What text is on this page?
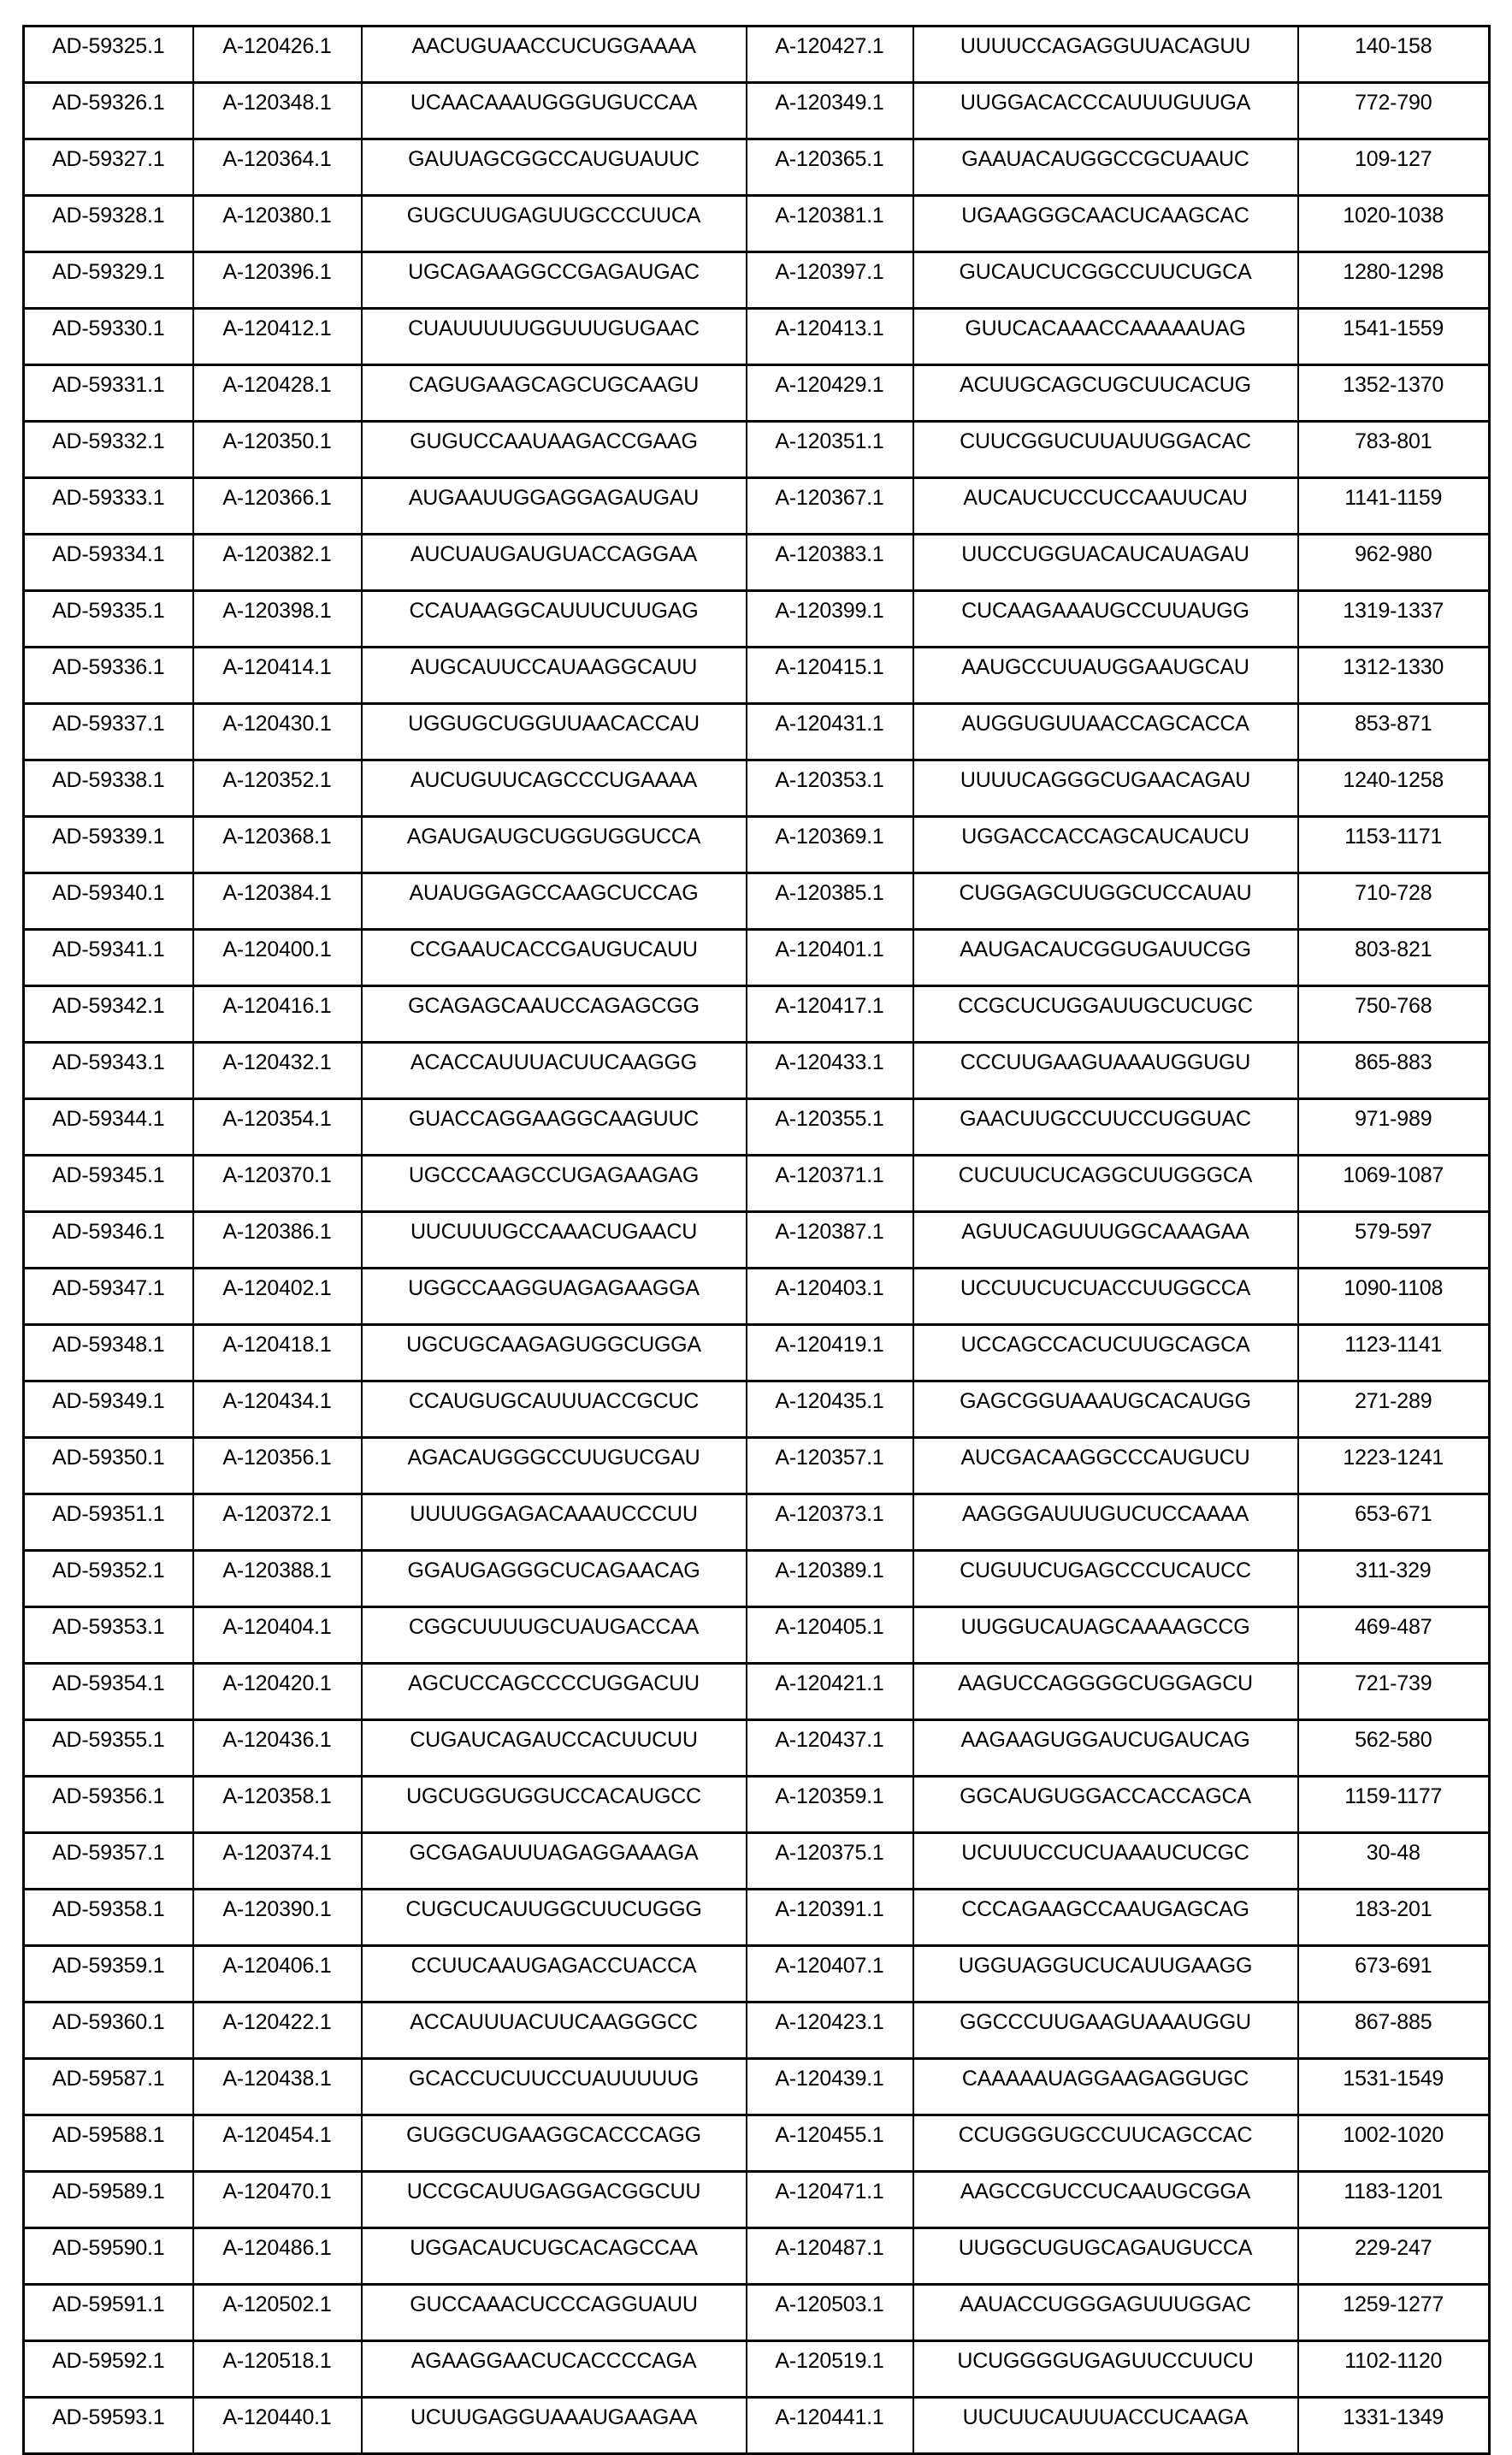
AD-59325.1	A-120426.1	AACUGUAACCUCUGGAAAA	A-120427.1	UUUUCCAGAGGUUACAGUU	140-158
AD-59326.1	A-120348.1	UCAACAAAUGGGUGUCCAA	A-120349.1	UUGGACACCCAUUUGUUGA	772-790
AD-59327.1	A-120364.1	GAUUAGCGGCCAUGUAUUC	A-120365.1	GAAUACAUGGCCGCUAAUC	109-127
AD-59328.1	A-120380.1	GUGCUUGAGUUGCCCUUCA	A-120381.1	UGAAGGGCAACUCAAGCAC	1020-1038
AD-59329.1	A-120396.1	UGCAGAAGGCCGAGAUGAC	A-120397.1	GUCAUCUCGGCCUUCUGCA	1280-1298
AD-59330.1	A-120412.1	CUAUUUUUGGUUUGUGAAC	A-120413.1	GUUCACAAACCAAAAAUAG	1541-1559
AD-59331.1	A-120428.1	CAGUGAAGCAGCUGCAAGU	A-120429.1	ACUUGCAGCUGCUUCACUG	1352-1370
AD-59332.1	A-120350.1	GUGUCCAAUAAGACCGAAG	A-120351.1	CUUCGGUCUUAUUGGACAC	783-801
AD-59333.1	A-120366.1	AUGAAUUGGAGGAGAUGAU	A-120367.1	AUCAUCUCCUCCAAUUCAU	1141-1159
AD-59334.1	A-120382.1	AUCUAUGAUGUACCAGGAA	A-120383.1	UUCCUGGUACAUCAUAGAU	962-980
AD-59335.1	A-120398.1	CCAUAAGGCAUUUCUUGAG	A-120399.1	CUCAAGAAAUGCCUUAUGG	1319-1337
AD-59336.1	A-120414.1	AUGCAUUCCAUAAGGCAUU	A-120415.1	AAUGCCUUAUGGAAUGCAU	1312-1330
AD-59337.1	A-120430.1	UGGUGCUGGUUAACACCAU	A-120431.1	AUGGUGUUAACCAGCACCA	853-871
AD-59338.1	A-120352.1	AUCUGUUCAGCCCUGAAAA	A-120353.1	UUUUCAGGGCUGAACAGAU	1240-1258
AD-59339.1	A-120368.1	AGAUGAUGCUGGUGGUCCA	A-120369.1	UGGACCACCAGCAUCAUCU	1153-1171
AD-59340.1	A-120384.1	AUAUGGAGCCAAGCUCCAG	A-120385.1	CUGGAGCUUGGCUCCAUAU	710-728
AD-59341.1	A-120400.1	CCGAAUCACCGAUGUCAUU	A-120401.1	AAUGACAUCGGUGAUUCGG	803-821
AD-59342.1	A-120416.1	GCAGAGCAAUCCAGAGCGG	A-120417.1	CCGCUCUGGAUUGCUCUGC	750-768
AD-59343.1	A-120432.1	ACACCAUUUACUUCAAGGG	A-120433.1	CCCUUGAAGUAAAUGGUGU	865-883
AD-59344.1	A-120354.1	GUACCAGGAAGGCAAGUUC	A-120355.1	GAACUUGCCUUCCUGGUAC	971-989
AD-59345.1	A-120370.1	UGCCCAAGCCUGAGAAGAG	A-120371.1	CUCUUCUCAGGCUUGGGCA	1069-1087
AD-59346.1	A-120386.1	UUCUUUGCCAAACUGAACU	A-120387.1	AGUUCAGUUUGGCAAAGAA	579-597
AD-59347.1	A-120402.1	UGGCCAAGGUAGAGAAGGA	A-120403.1	UCCUUCUCUACCUUGGCCA	1090-1108
AD-59348.1	A-120418.1	UGCUGCAAGAGUGGCUGGA	A-120419.1	UCCAGCCACUCUUGCAGCA	1123-1141
AD-59349.1	A-120434.1	CCAUGUGCAUUUACCGCUC	A-120435.1	GAGCGGUAAAUGCACAUGG	271-289
AD-59350.1	A-120356.1	AGACAUGGGCCUUGUCGAU	A-120357.1	AUCGACAAGGCCCAUGUCU	1223-1241
AD-59351.1	A-120372.1	UUUUGGAGACAAAUCCCUU	A-120373.1	AAGGGAUUUGUCUCCAAAA	653-671
AD-59352.1	A-120388.1	GGAUGAGGGCUCAGAACAG	A-120389.1	CUGUUCUGAGCCCUCAUCC	311-329
AD-59353.1	A-120404.1	CGGCUUUUGCUAUGACCAA	A-120405.1	UUGGUCAUAGCAAAAGCCG	469-487
AD-59354.1	A-120420.1	AGCUCCAGCCCCUGGACUU	A-120421.1	AAGUCCAGGGGCUGGAGCU	721-739
AD-59355.1	A-120436.1	CUGAUCAGAUCCACUUCUU	A-120437.1	AAGAAGUGGAUCUGAUCAG	562-580
AD-59356.1	A-120358.1	UGCUGGUGGUCCACAUGCC	A-120359.1	GGCAUGUGGACCACCAGCA	1159-1177
AD-59357.1	A-120374.1	GCGAGAUUUAGAGGAAAGA	A-120375.1	UCUUUCCUCUAAAUCUCGC	30-48
AD-59358.1	A-120390.1	CUGCUCAUUGGCUUCUGGG	A-120391.1	CCCAGAAGCCAAUGAGCAG	183-201
AD-59359.1	A-120406.1	CCUUCAAUGAGACCUACCA	A-120407.1	UGGUAGGUCUCAUUGAAGG	673-691
AD-59360.1	A-120422.1	ACCAUUUACUUCAAGGGCC	A-120423.1	GGCCCUUGAAGUAAAUGGU	867-885
AD-59587.1	A-120438.1	GCACCUCUUCCUAUUUUUG	A-120439.1	CAAAAAUAGGAAGAGGUGC	1531-1549
AD-59588.1	A-120454.1	GUGGCUGAAGGCACCCAGG	A-120455.1	CCUGGGUGCCUUCAGCCAC	1002-1020
AD-59589.1	A-120470.1	UCCGCAUUGAGGACGGCUU	A-120471.1	AAGCCGUCCUCAAUGCGGA	1183-1201
AD-59590.1	A-120486.1	UGGACAUCUGCACAGCCAA	A-120487.1	UUGGCUGUGCAGAUGUCCA	229-247
AD-59591.1	A-120502.1	GUCCAAACUCCCAGGUAUU	A-120503.1	AAUACCUGGGAGUUUGGAC	1259-1277
AD-59592.1	A-120518.1	AGAAGGAACUCACCCCAGA	A-120519.1	UCUGGGGUGAGUUCCUUCU	1102-1120
AD-59593.1	A-120440.1	UCUUGAGGUAAAUGAAGAA	A-120441.1	UUCUUCAUUUACCUCAAGA	1331-1349
